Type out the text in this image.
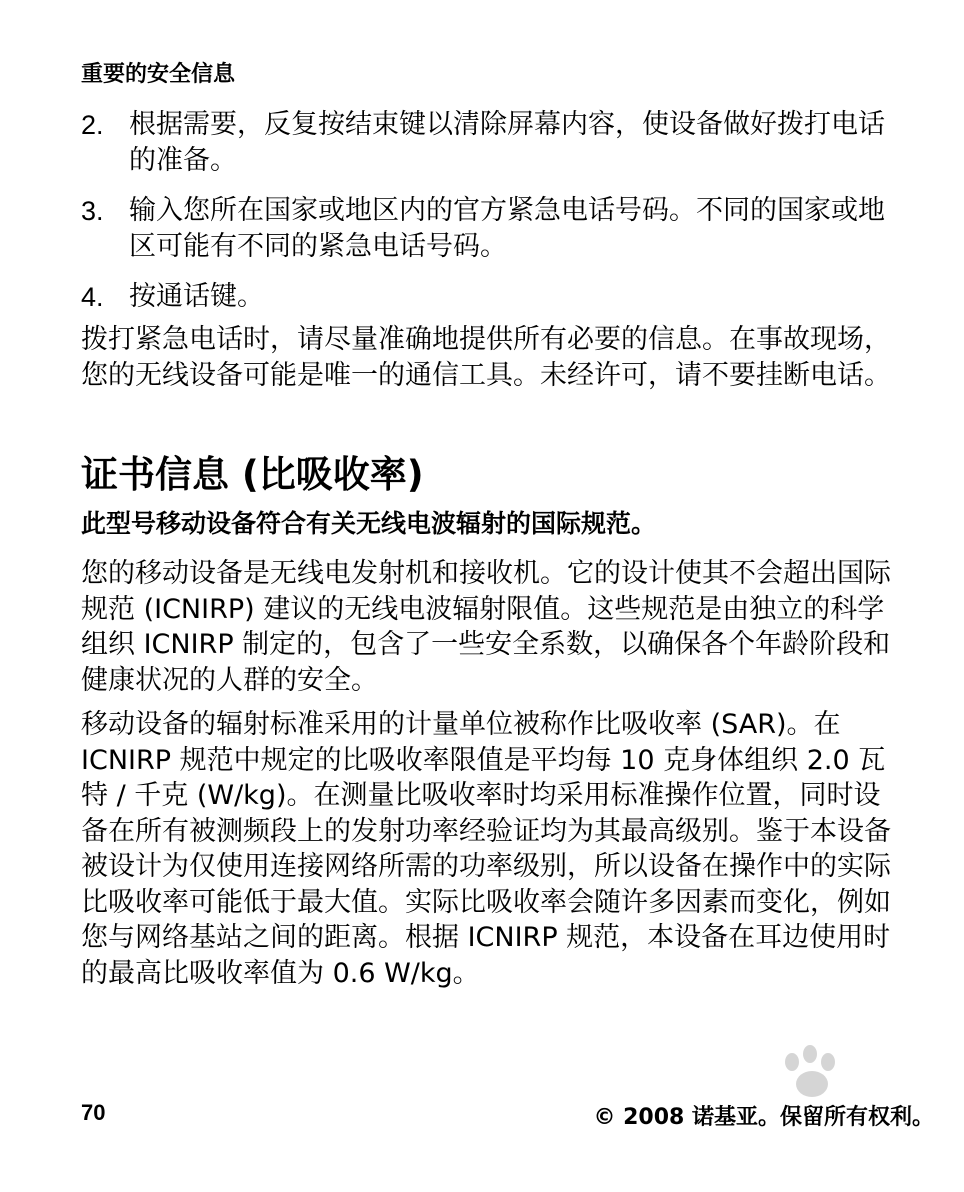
重要的安全信息
2. 根据需要，反复按结束键以清除屏幕内容，使设备做好拨打电话的准备。
3. 输入您所在国家或地区内的官方紧急电话号码。不同的国家或地区可能有不同的紧急电话号码。
4. 按通话键。

拨打紧急电话时，请尽量准确地提供所有必要的信息。在事故现场，您的无线设备可能是唯一的通信工具。未经许可，请不要挂断电话。

证书信息 (比吸收率)
此型号移动设备符合有关无线电波辐射的国际规范。

您的移动设备是无线电发射机和接收机。它的设计使其不会超出国际规范 (ICNIRP) 建议的无线电波辐射限值。这些规范是由独立的科学组织 ICNIRP 制定的，包含了一些安全系数，以确保各个年龄阶段和健康状况的人群的安全。

移动设备的辐射标准采用的计量单位被称作比吸收率 (SAR)。在 ICNIRP 规范中规定的比吸收率限值是平均每 10 克身体组织 2.0 瓦特 / 千克 (W/kg)。在测量比吸收率时均采用标准操作位置，同时设备在所有被测频段上的发射功率经验证均为其最高级别。鉴于本设备被设计为仅使用连接网络所需的功率级别，所以设备在操作中的实际比吸收率可能低于最大值。实际比吸收率会随许多因素而变化，例如您与网络基站之间的距离。根据 ICNIRP 规范，本设备在耳边使用时的最高比吸收率值为 0.6 W/kg。

70	© 2008 诺基亚。保留所有权利。
